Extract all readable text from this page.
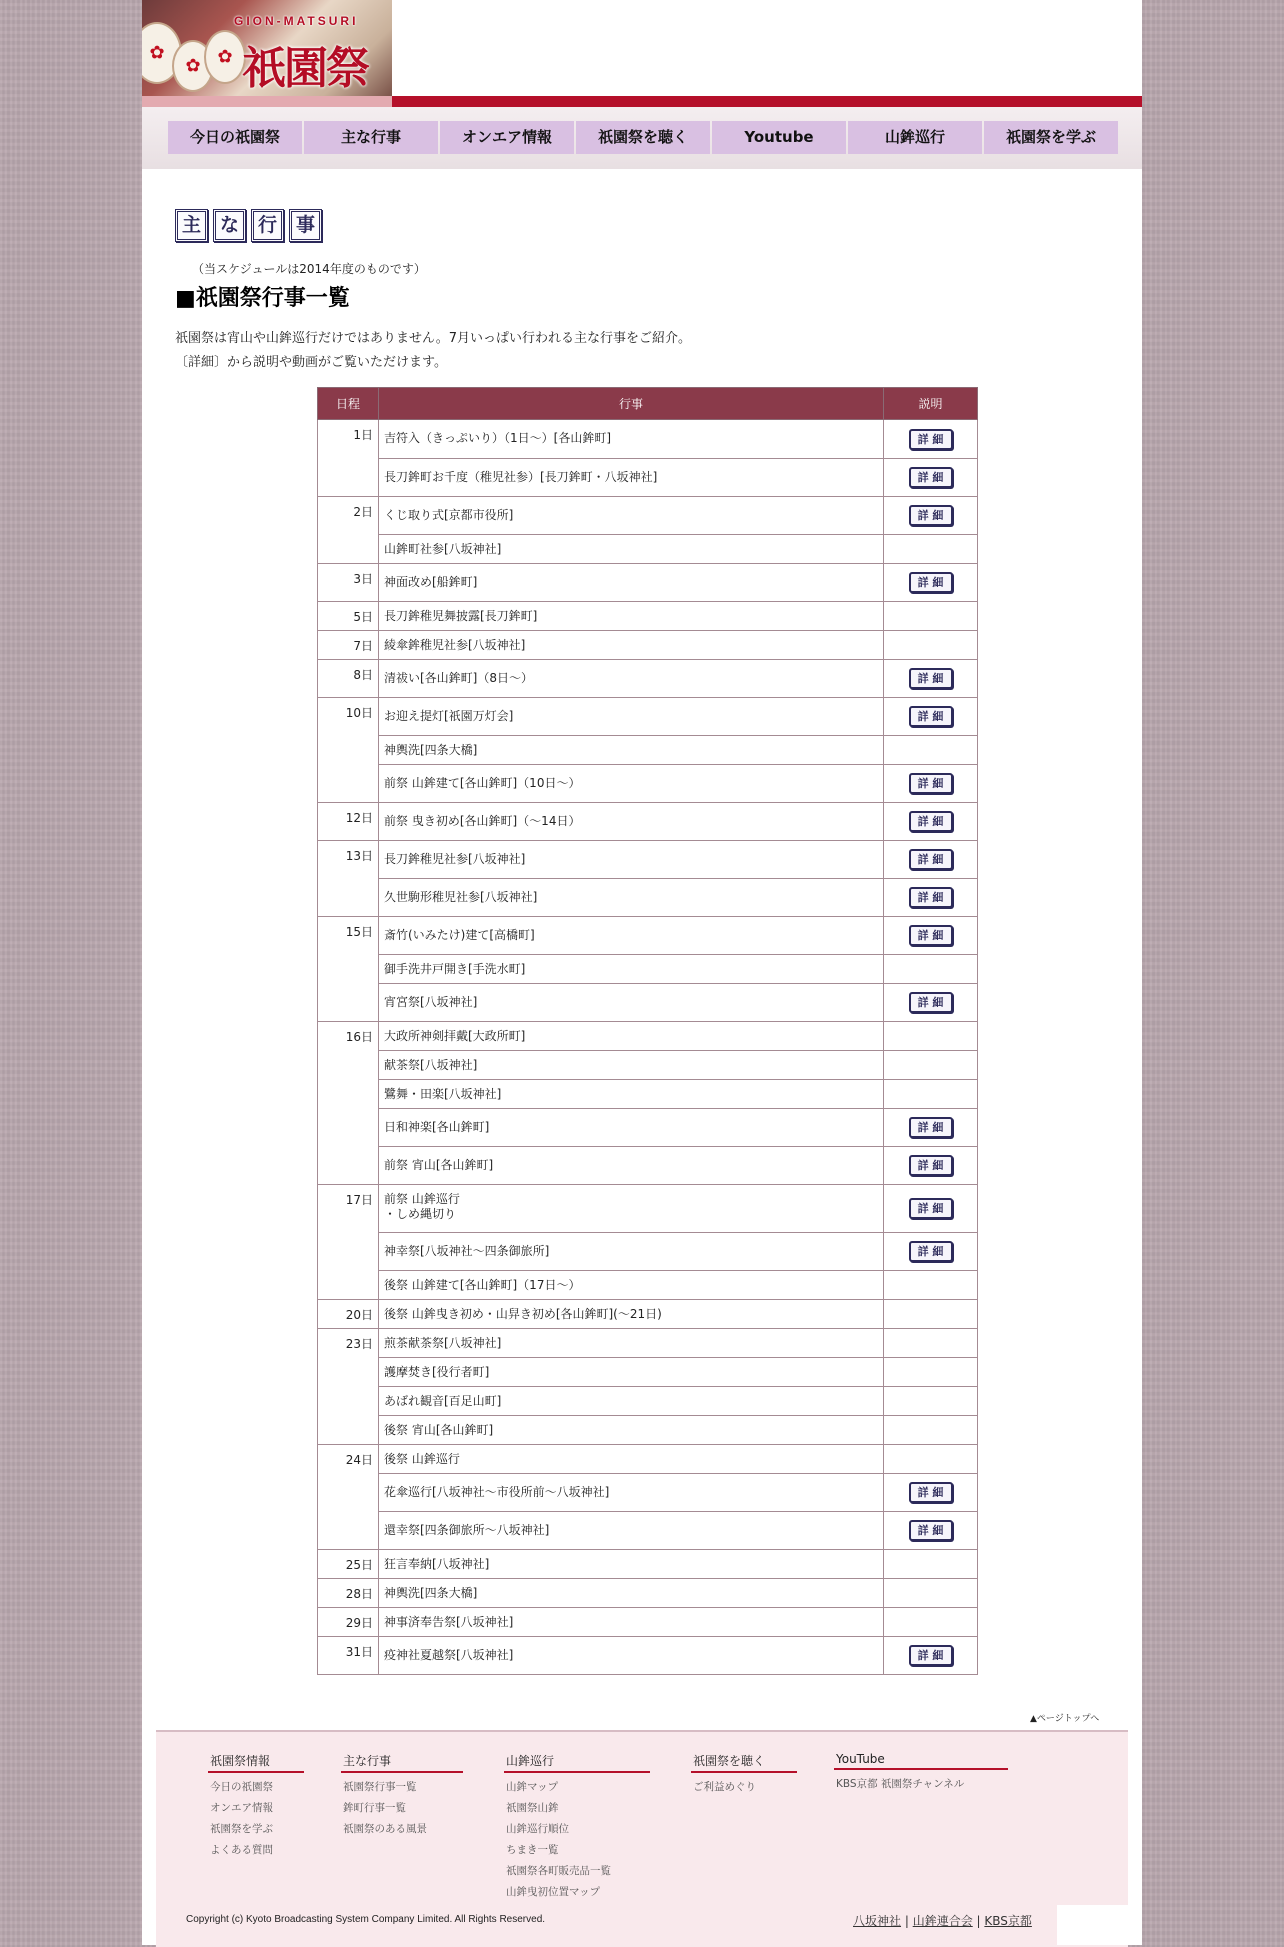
✿
✿ ✿
GION-MATSURI
祇園祭
今日の祇園祭	主な行事	オンエア情報	祇園祭を聴く	Youtube	山鉾巡行	祇園祭を学ぶ
主 な 行 事
（当スケジュールは2014年度のものです）
■祇園祭行事一覧
祇園祭は宵山や山鉾巡行だけではありません。7月いっぱい行われる主な行事をご紹介。
〔詳細〕から説明や動画がご覧いただけます。
日程	行事	説明
1日	吉符入（きっぷいり）（1日〜）[各山鉾町]	詳 細

	長刀鉾町お千度（稚児社参）[長刀鉾町・八坂神社]	詳 細
2日	くじ取り式[京都市役所]	詳 細

	山鉾町社参[八坂神社]	

3日	神面改め[船鉾町]	詳 細
5日	長刀鉾稚児舞披露[長刀鉾町]	

7日	綾傘鉾稚児社参[八坂神社]	

8日	清祓い[各山鉾町]（8日〜）	詳 細
10日	お迎え提灯[祇園万灯会]	詳 細

	神輿洗[四条大橋]	

	前祭 山鉾建て[各山鉾町]（10日〜）	詳 細
12日	前祭 曳き初め[各山鉾町]（〜14日）	詳 細
13日	長刀鉾稚児社参[八坂神社]	詳 細

	久世駒形稚児社参[八坂神社]	詳 細
15日	斎竹(いみたけ)建て[高橋町]	詳 細

	御手洗井戸開き[手洗水町]	

	宵宮祭[八坂神社]	詳 細
16日	大政所神剣拝戴[大政所町]	

	献茶祭[八坂神社]	

	鷺舞・田楽[八坂神社]	

	日和神楽[各山鉾町]	詳 細

	前祭 宵山[各山鉾町]	詳 細
17日	前祭 山鉾巡行
・しめ縄切り	詳 細

	神幸祭[八坂神社〜四条御旅所]	詳 細

	後祭 山鉾建て[各山鉾町]（17日〜）	

20日	後祭 山鉾曳き初め・山舁き初め[各山鉾町](〜21日)	

23日	煎茶献茶祭[八坂神社]	

	護摩焚き[役行者町]	

	あばれ観音[百足山町]	

	後祭 宵山[各山鉾町]	

24日	後祭 山鉾巡行	

	花傘巡行[八坂神社～市役所前～八坂神社]	詳 細

	還幸祭[四条御旅所〜八坂神社]	詳 細
25日	狂言奉納[八坂神社]	

28日	神輿洗[四条大橋]	

29日	神事済奉告祭[八坂神社]	

31日	疫神社夏越祭[八坂神社]	詳 細
▲ページトップへ
祇園祭情報
今日の祇園祭
オンエア情報
祇園祭を学ぶ
よくある質問
主な行事
祇園祭行事一覧
鉾町行事一覧
祇園祭のある風景
山鉾巡行
山鉾マップ
祇園祭山鉾
山鉾巡行順位
ちまき一覧
祇園祭各町販売品一覧
山鉾曳初位置マップ
祇園祭を聴く
ご利益めぐり
YouTube
KBS京都 祇園祭チャンネル
Copyright (c) Kyoto Broadcasting System Company Limited. All Rights Reserved.	八坂神社 | 山鉾連合会 | KBS京都
